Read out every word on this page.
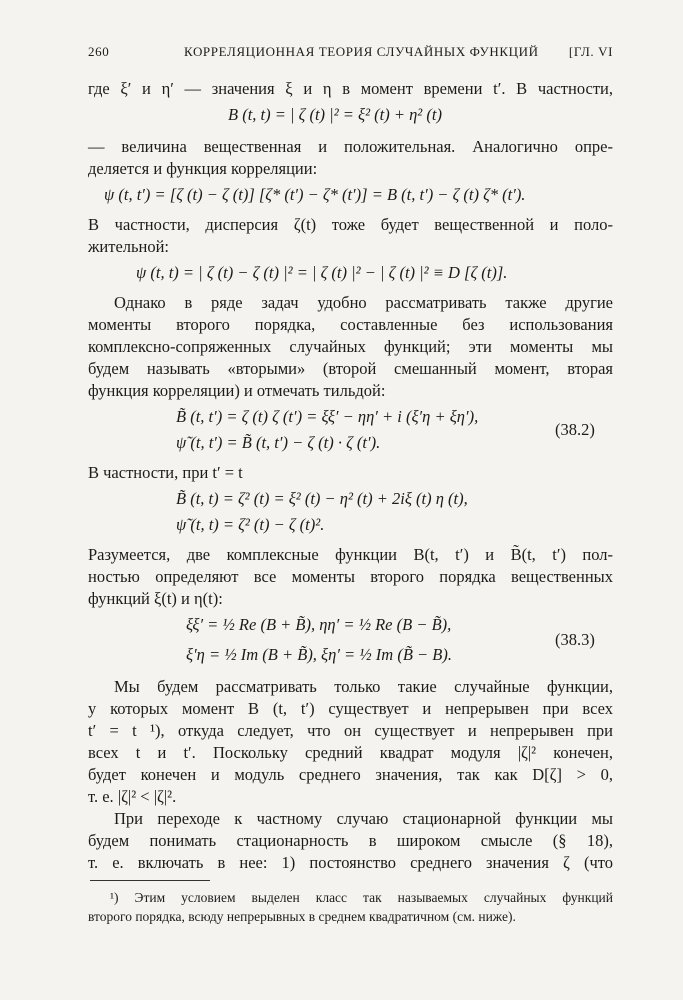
260	КОРРЕЛЯЦИОННАЯ ТЕОРИЯ СЛУЧАЙНЫХ ФУНКЦИЙ [ГЛ. VI
где ξ′ и η′ — значения ξ и η в момент времени t′. В частности,
B (t, t) = | ζ (t) |² = ξ² (t) + η² (t)
— величина вещественная и положительная. Аналогично опре-
деляется и функция корреляции:
ψ (t, t′) = [ζ (t) − ζ (t)] [ζ* (t′) − ζ* (t′)] = B (t, t′) − ζ (t) ζ* (t′).
В частности, дисперсия ζ(t) тоже будет вещественной и поло-
жительной:
ψ (t, t) = | ζ (t) − ζ (t) |² = | ζ (t) |² − | ζ (t) |² ≡ D [ζ (t)].
Однако в ряде задач удобно рассматривать также другие
моменты второго порядка, составленные без использования
комплексно-сопряженных случайных функций; эти моменты мы
будем называть «вторыми» (второй смешанный момент, вторая
функция корреляции) и отмечать тильдой:
B̃ (t, t′) = ζ (t) ζ (t′) = ξξ′ − ηη′ + i (ξ′η + ξη′),
ψ̃ (t, t′) = B̃ (t, t′) − ζ (t) · ζ (t′).
(38.2)
В частности, при t′ = t
B̃ (t, t) = ζ² (t) = ξ² (t) − η² (t) + 2iξ (t) η (t),
ψ̃ (t, t) = ζ² (t) − ζ (t)².
Разумеется, две комплексные функции B(t, t′) и B̃(t, t′) пол-
ностью определяют все моменты второго порядка вещественных
функций ξ(t) и η(t):
ξξ′ = ½ Re (B + B̃), ηη′ = ½ Re (B − B̃),
ξ′η = ½ Im (B + B̃), ξη′ = ½ Im (B̃ − B).
(38.3)
Мы будем рассматривать только такие случайные функции,
у которых момент B (t, t′) существует и непрерывен при всех
t′ = t ¹), откуда следует, что он существует и непрерывен при
всех t и t′. Поскольку средний квадрат модуля |ζ|² конечен,
будет конечен и модуль среднего значения, так как D[ζ] > 0,
т. е. |ζ|² < |ζ|².
При переходе к частному случаю стационарной функции мы
будем понимать стационарность в широком смысле (§ 18),
т. е. включать в нее: 1) постоянство среднего значения ζ (что
¹) Этим условием выделен класс так называемых случайных функций
второго порядка, всюду непрерывных в среднем квадратичном (см. ниже).
